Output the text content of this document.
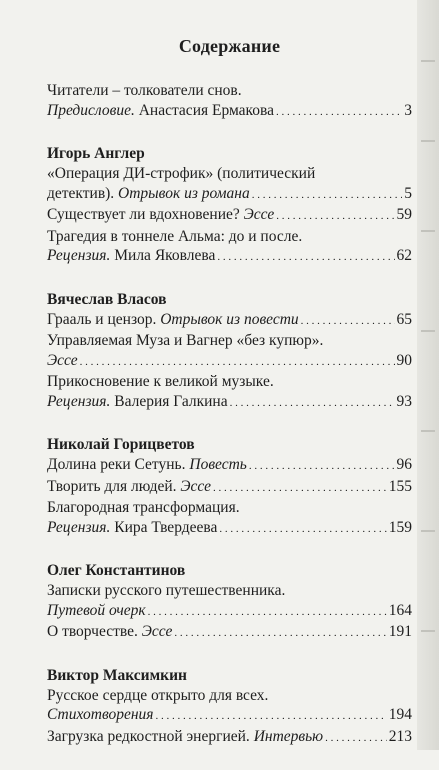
Содержание
Читатели – толкователи снов.
Предисловие. Анастасия Ермакова . . .	3
Игорь Англер
«Операция ДИ-строфик» (политический
детектив). Отрывок из романа . . .	5
Существует ли вдохновение? Эссе . . .	59
Трагедия в тоннеле Альма: до и после.
Рецензия. Мила Яковлева . . .	62
Вячеслав Власов
Грааль и цензор. Отрывок из повести . . .	65
Управляемая Муза и Вагнер «без купюр».
Эссе . . .	90
Прикосновение к великой музыке.
Рецензия. Валерия Галкина . . .	93
Николай Горицветов
Долина реки Сетунь. Повесть . . .	96
Творить для людей. Эссе . . .	155
Благородная трансформация.
Рецензия. Кира Твердеева . . .	159
Олег Константинов
Записки русского путешественника.
Путевой очерк . . .	164
О творчестве. Эссе . . .	191
Виктор Максимкин
Русское сердце открыто для всех.
Стихотворения . . .	194
Загрузка редкостной энергией. Интервью . . .	213
